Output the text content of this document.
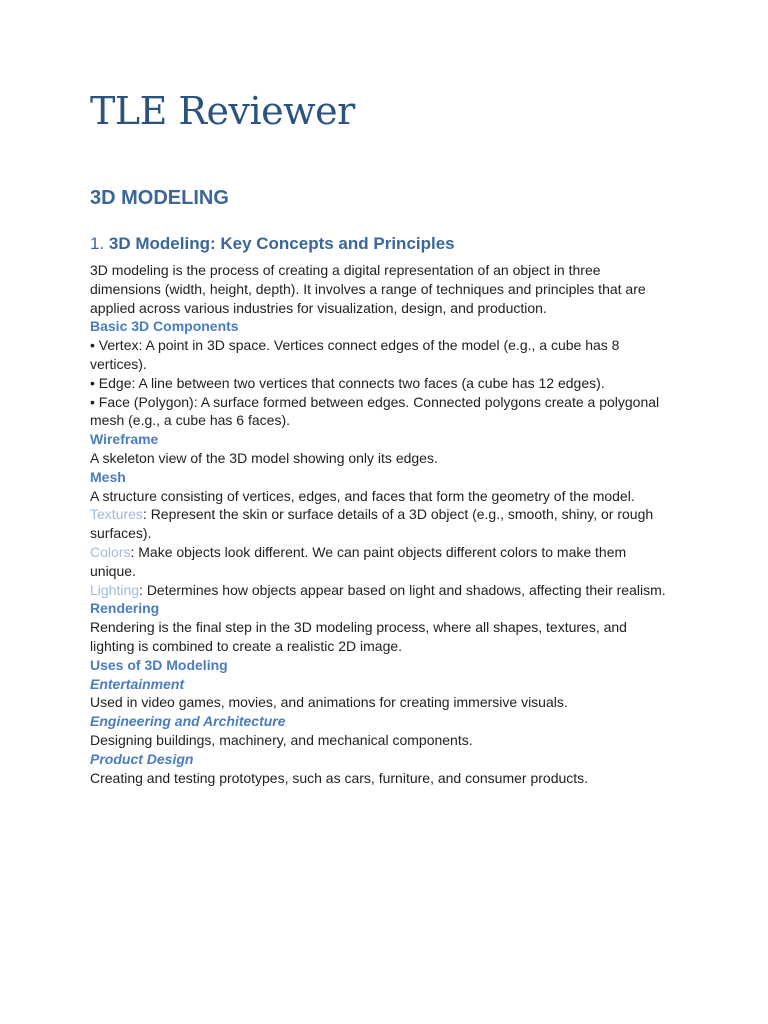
TLE Reviewer
3D MODELING
1. 3D Modeling: Key Concepts and Principles

3D modeling is the process of creating a digital representation of an object in three dimensions (width, height, depth). It involves a range of techniques and principles that are applied across various industries for visualization, design, and production.

Basic 3D Components

• Vertex: A point in 3D space. Vertices connect edges of the model (e.g., a cube has 8 vertices).

• Edge: A line between two vertices that connects two faces (a cube has 12 edges).

• Face (Polygon): A surface formed between edges. Connected polygons create a polygonal mesh (e.g., a cube has 6 faces).

Wireframe

A skeleton view of the 3D model showing only its edges.

Mesh

A structure consisting of vertices, edges, and faces that form the geometry of the model.

Textures: Represent the skin or surface details of a 3D object (e.g., smooth, shiny, or rough surfaces).

Colors: Make objects look different. We can paint objects different colors to make them unique.

Lighting: Determines how objects appear based on light and shadows, affecting their realism.

Rendering

Rendering is the final step in the 3D modeling process, where all shapes, textures, and lighting is combined to create a realistic 2D image.

Uses of 3D Modeling

Entertainment

Used in video games, movies, and animations for creating immersive visuals.

Engineering and Architecture

Designing buildings, machinery, and mechanical components.

Product Design

Creating and testing prototypes, such as cars, furniture, and consumer products.
